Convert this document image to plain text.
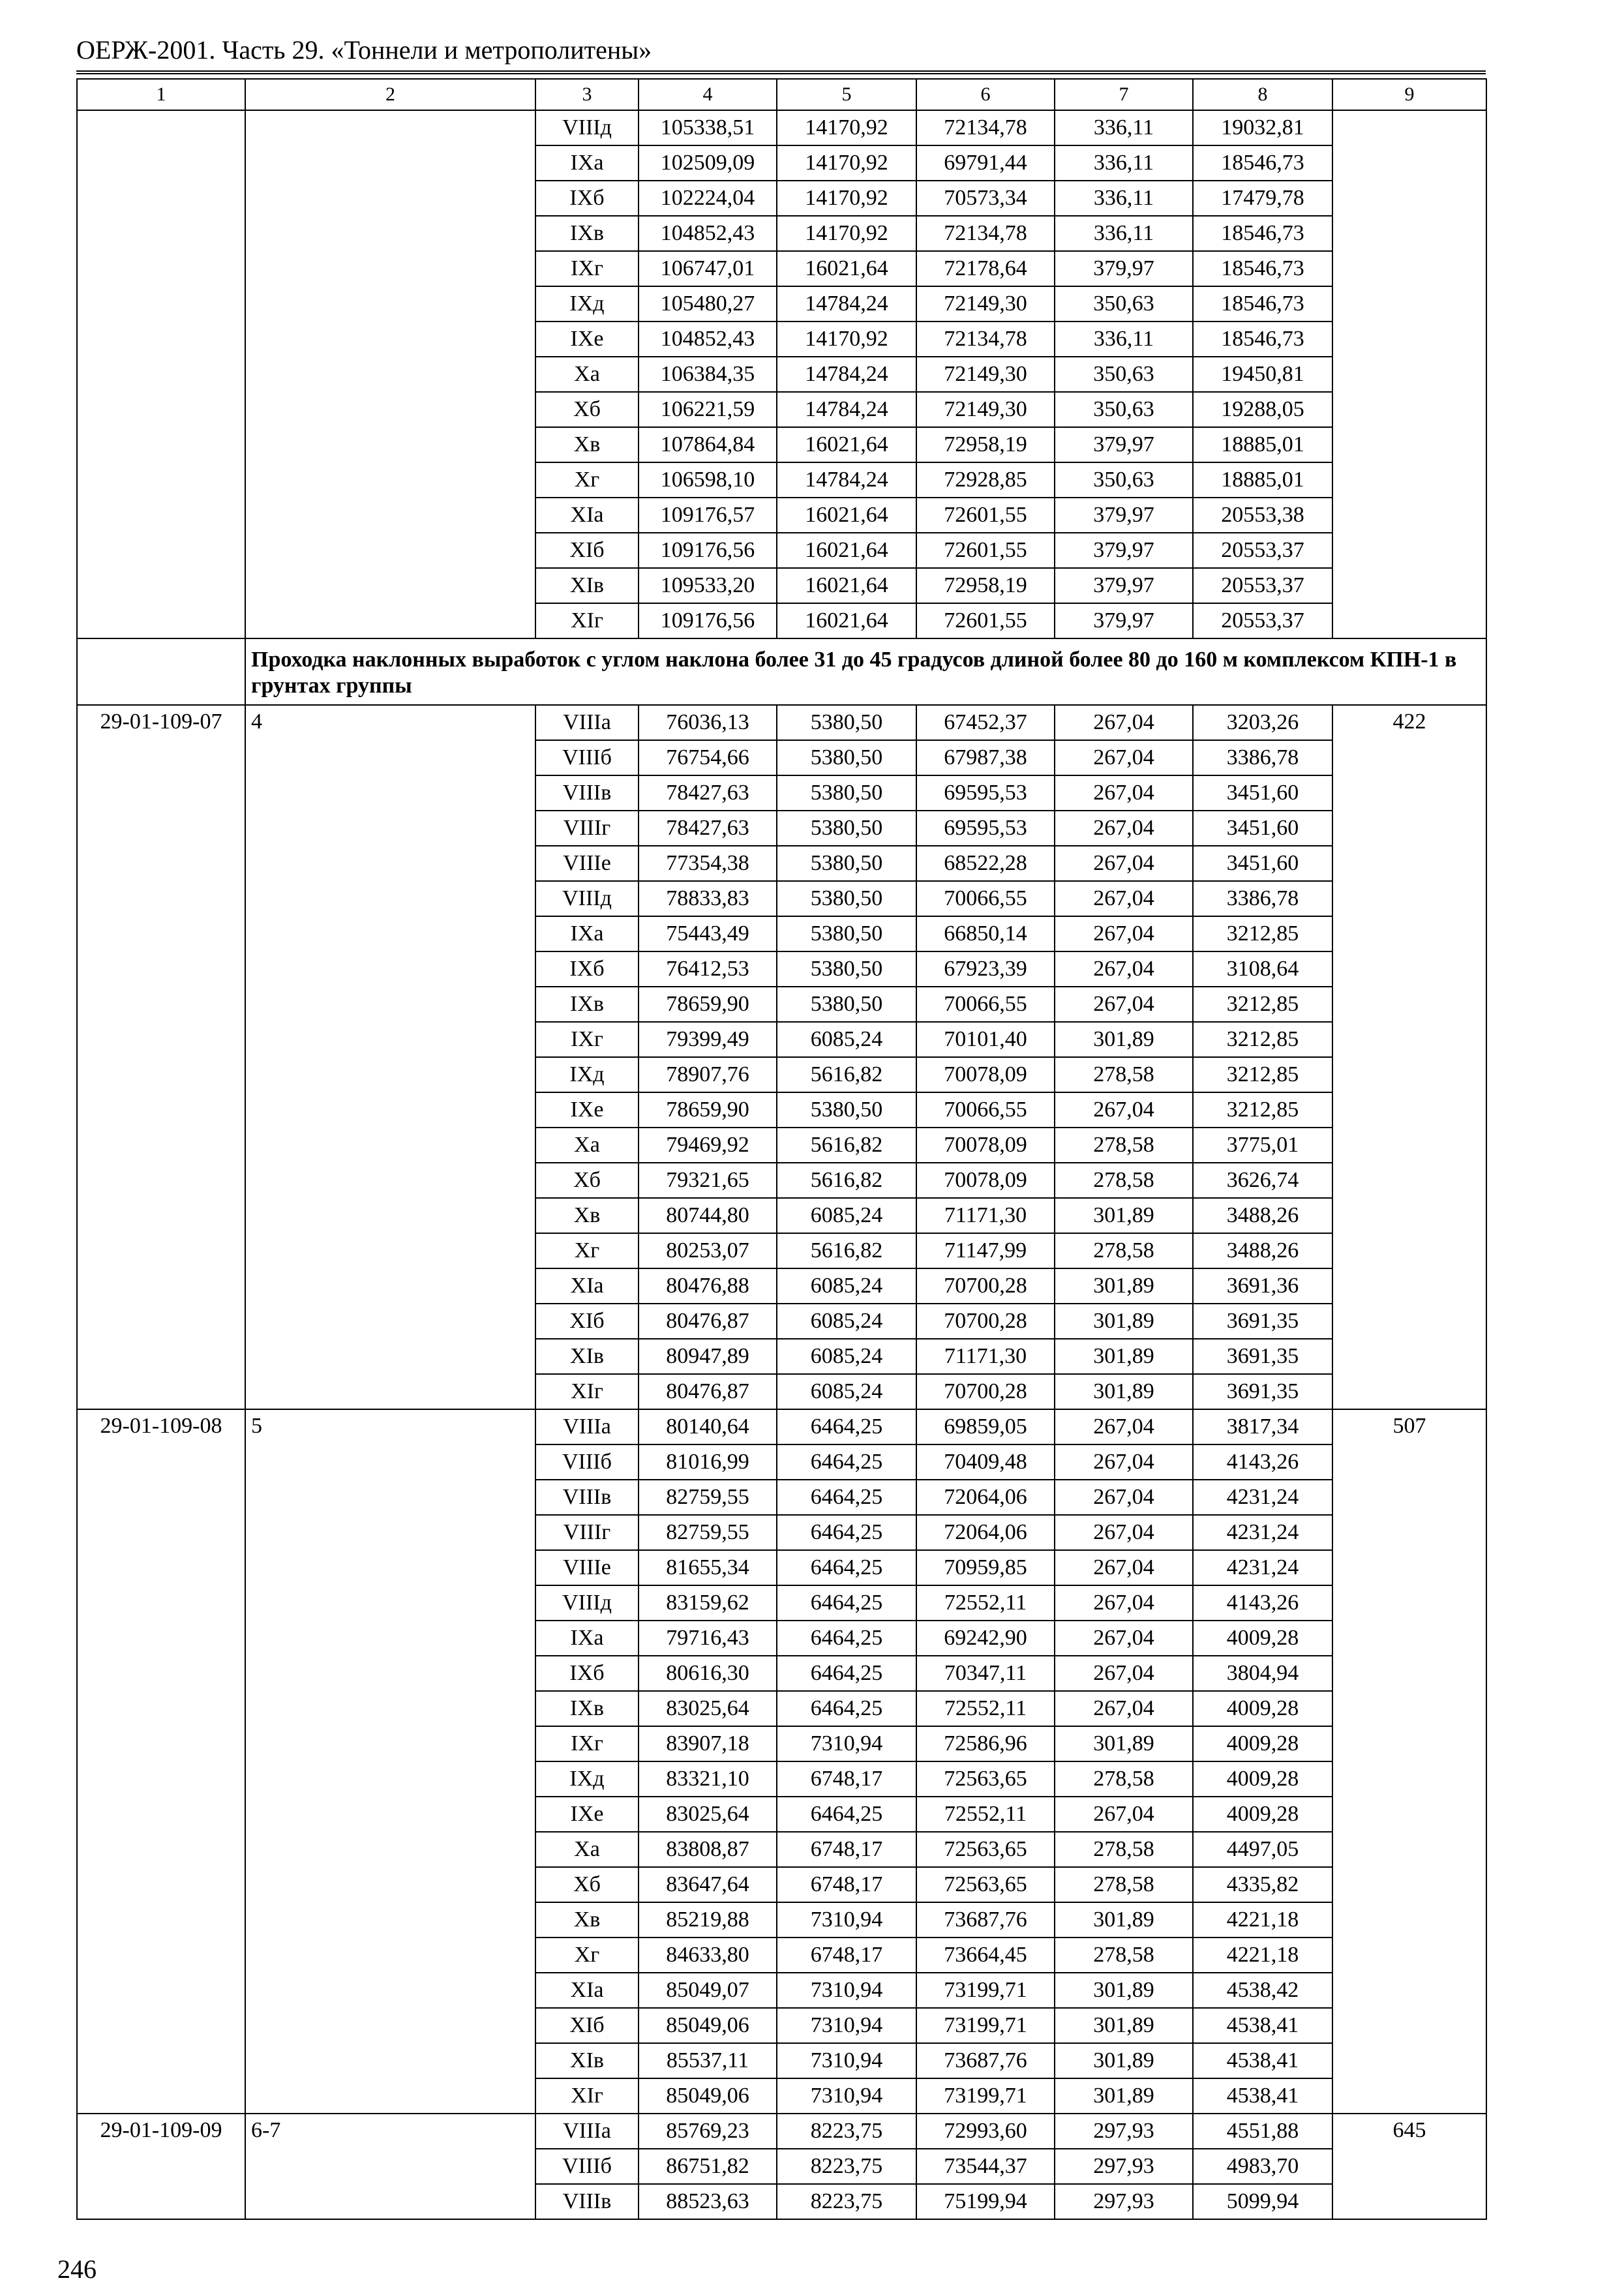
ОЕРЖ-2001. Часть 29. «Тоннели и метрополитены»
1	2	3	4	5	6	7	8	9
		VIIIд	105338,51	14170,92	72134,78	336,11	19032,81	
		IXа	102509,09	14170,92	69791,44	336,11	18546,73	
		IXб	102224,04	14170,92	70573,34	336,11	17479,78	
		IXв	104852,43	14170,92	72134,78	336,11	18546,73	
		IXг	106747,01	16021,64	72178,64	379,97	18546,73	
		IXд	105480,27	14784,24	72149,30	350,63	18546,73	
		IXе	104852,43	14170,92	72134,78	336,11	18546,73	
		Xа	106384,35	14784,24	72149,30	350,63	19450,81	
		Xб	106221,59	14784,24	72149,30	350,63	19288,05	
		Xв	107864,84	16021,64	72958,19	379,97	18885,01	
		Xг	106598,10	14784,24	72928,85	350,63	18885,01	
		XIа	109176,57	16021,64	72601,55	379,97	20553,38	
		XIб	109176,56	16021,64	72601,55	379,97	20553,37	
		XIв	109533,20	16021,64	72958,19	379,97	20553,37	
		XIг	109176,56	16021,64	72601,55	379,97	20553,37	
	Проходка наклонных выработок с углом наклона более 31 до 45 градусов длиной более 80 до 160 м комплексом КПН-1 в грунтах группы							
29-01-109-07	4	VIIIа	76036,13	5380,50	67452,37	267,04	3203,26	422
		VIIIб	76754,66	5380,50	67987,38	267,04	3386,78	
		VIIIв	78427,63	5380,50	69595,53	267,04	3451,60	
		VIIIг	78427,63	5380,50	69595,53	267,04	3451,60	
		VIIIе	77354,38	5380,50	68522,28	267,04	3451,60	
		VIIIд	78833,83	5380,50	70066,55	267,04	3386,78	
		IXа	75443,49	5380,50	66850,14	267,04	3212,85	
		IXб	76412,53	5380,50	67923,39	267,04	3108,64	
		IXв	78659,90	5380,50	70066,55	267,04	3212,85	
		IXг	79399,49	6085,24	70101,40	301,89	3212,85	
		IXд	78907,76	5616,82	70078,09	278,58	3212,85	
		IXе	78659,90	5380,50	70066,55	267,04	3212,85	
		Xа	79469,92	5616,82	70078,09	278,58	3775,01	
		Xб	79321,65	5616,82	70078,09	278,58	3626,74	
		Xв	80744,80	6085,24	71171,30	301,89	3488,26	
		Xг	80253,07	5616,82	71147,99	278,58	3488,26	
		XIа	80476,88	6085,24	70700,28	301,89	3691,36	
		XIб	80476,87	6085,24	70700,28	301,89	3691,35	
		XIв	80947,89	6085,24	71171,30	301,89	3691,35	
		XIг	80476,87	6085,24	70700,28	301,89	3691,35	
29-01-109-08	5	VIIIа	80140,64	6464,25	69859,05	267,04	3817,34	507
		VIIIб	81016,99	6464,25	70409,48	267,04	4143,26	
		VIIIв	82759,55	6464,25	72064,06	267,04	4231,24	
		VIIIг	82759,55	6464,25	72064,06	267,04	4231,24	
		VIIIе	81655,34	6464,25	70959,85	267,04	4231,24	
		VIIIд	83159,62	6464,25	72552,11	267,04	4143,26	
		IXа	79716,43	6464,25	69242,90	267,04	4009,28	
		IXб	80616,30	6464,25	70347,11	267,04	3804,94	
		IXв	83025,64	6464,25	72552,11	267,04	4009,28	
		IXг	83907,18	7310,94	72586,96	301,89	4009,28	
		IXд	83321,10	6748,17	72563,65	278,58	4009,28	
		IXе	83025,64	6464,25	72552,11	267,04	4009,28	
		Xа	83808,87	6748,17	72563,65	278,58	4497,05	
		Xб	83647,64	6748,17	72563,65	278,58	4335,82	
		Xв	85219,88	7310,94	73687,76	301,89	4221,18	
		Xг	84633,80	6748,17	73664,45	278,58	4221,18	
		XIа	85049,07	7310,94	73199,71	301,89	4538,42	
		XIб	85049,06	7310,94	73199,71	301,89	4538,41	
		XIв	85537,11	7310,94	73687,76	301,89	4538,41	
		XIг	85049,06	7310,94	73199,71	301,89	4538,41	
29-01-109-09	6-7	VIIIа	85769,23	8223,75	72993,60	297,93	4551,88	645
		VIIIб	86751,82	8223,75	73544,37	297,93	4983,70	
		VIIIв	88523,63	8223,75	75199,94	297,93	5099,94	
246
